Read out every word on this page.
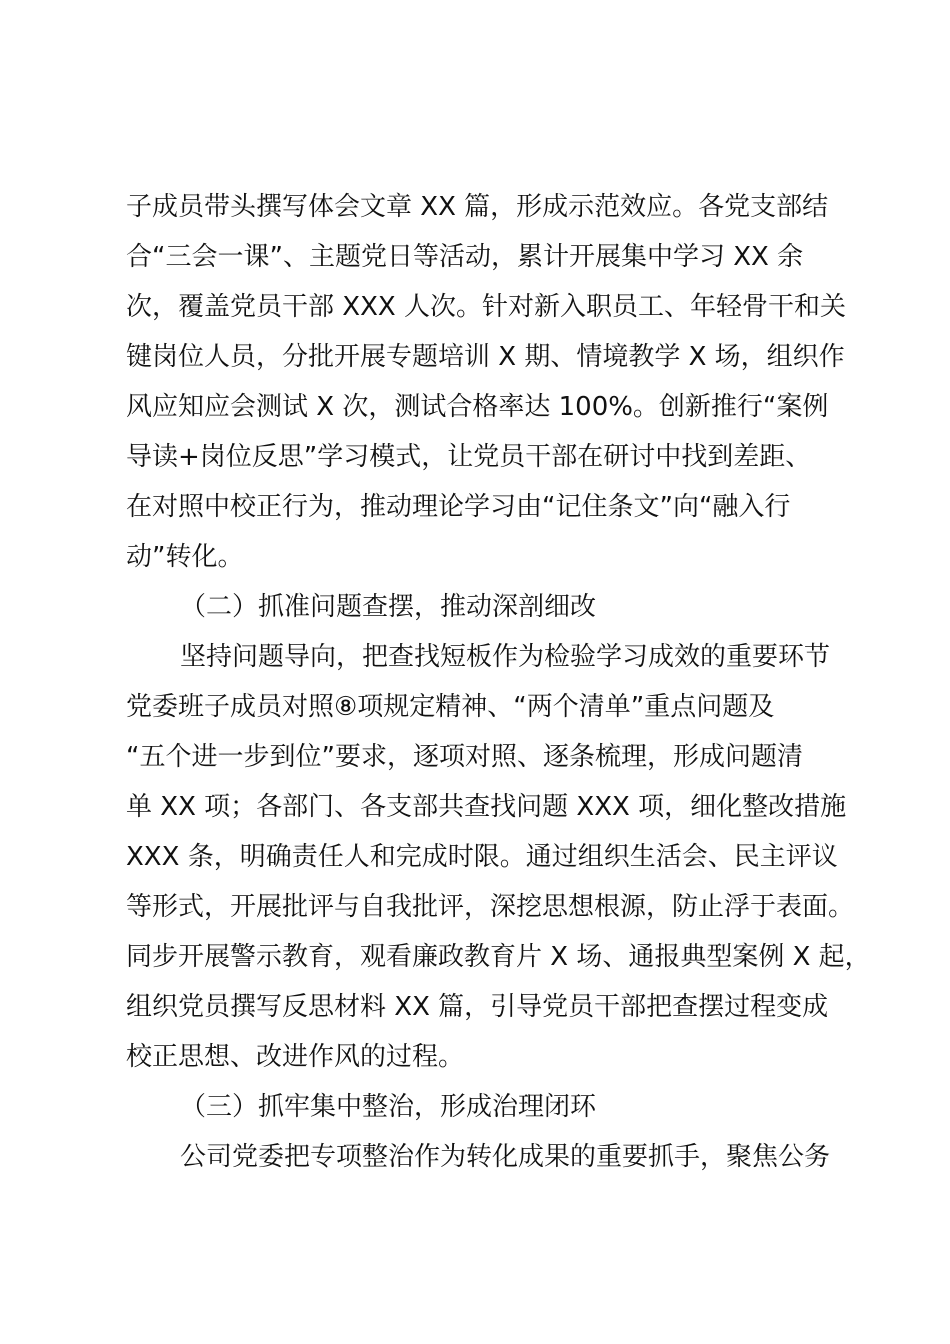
子成员带头撰写体会文章 XX 篇，形成示范效应。各党支部结
合“三会一课”、主题党日等活动，累计开展集中学习 XX 余
次，覆盖党员干部 XXX 人次。针对新入职员工、年轻骨干和关
键岗位人员，分批开展专题培训 X 期、情境教学 X 场，组织作
风应知应会测试 X 次，测试合格率达 100%。创新推行“案例
导读+岗位反思”学习模式，让党员干部在研讨中找到差距、
在对照中校正行为，推动理论学习由“记住条文”向“融入行
动”转化。
（二）抓准问题查摆，推动深剖细改
坚持问题导向，把查找短板作为检验学习成效的重要环节
党委班子成员对照⑧项规定精神、“两个清单”重点问题及
“五个进一步到位”要求，逐项对照、逐条梳理，形成问题清
单 XX 项；各部门、各支部共查找问题 XXX 项，细化整改措施
XXX 条，明确责任人和完成时限。通过组织生活会、民主评议
等形式，开展批评与自我批评，深挖思想根源，防止浮于表面。
同步开展警示教育，观看廉政教育片 X 场、通报典型案例 X 起，
组织党员撰写反思材料 XX 篇，引导党员干部把查摆过程变成
校正思想、改进作风的过程。
（三）抓牢集中整治，形成治理闭环
公司党委把专项整治作为转化成果的重要抓手，聚焦公务
